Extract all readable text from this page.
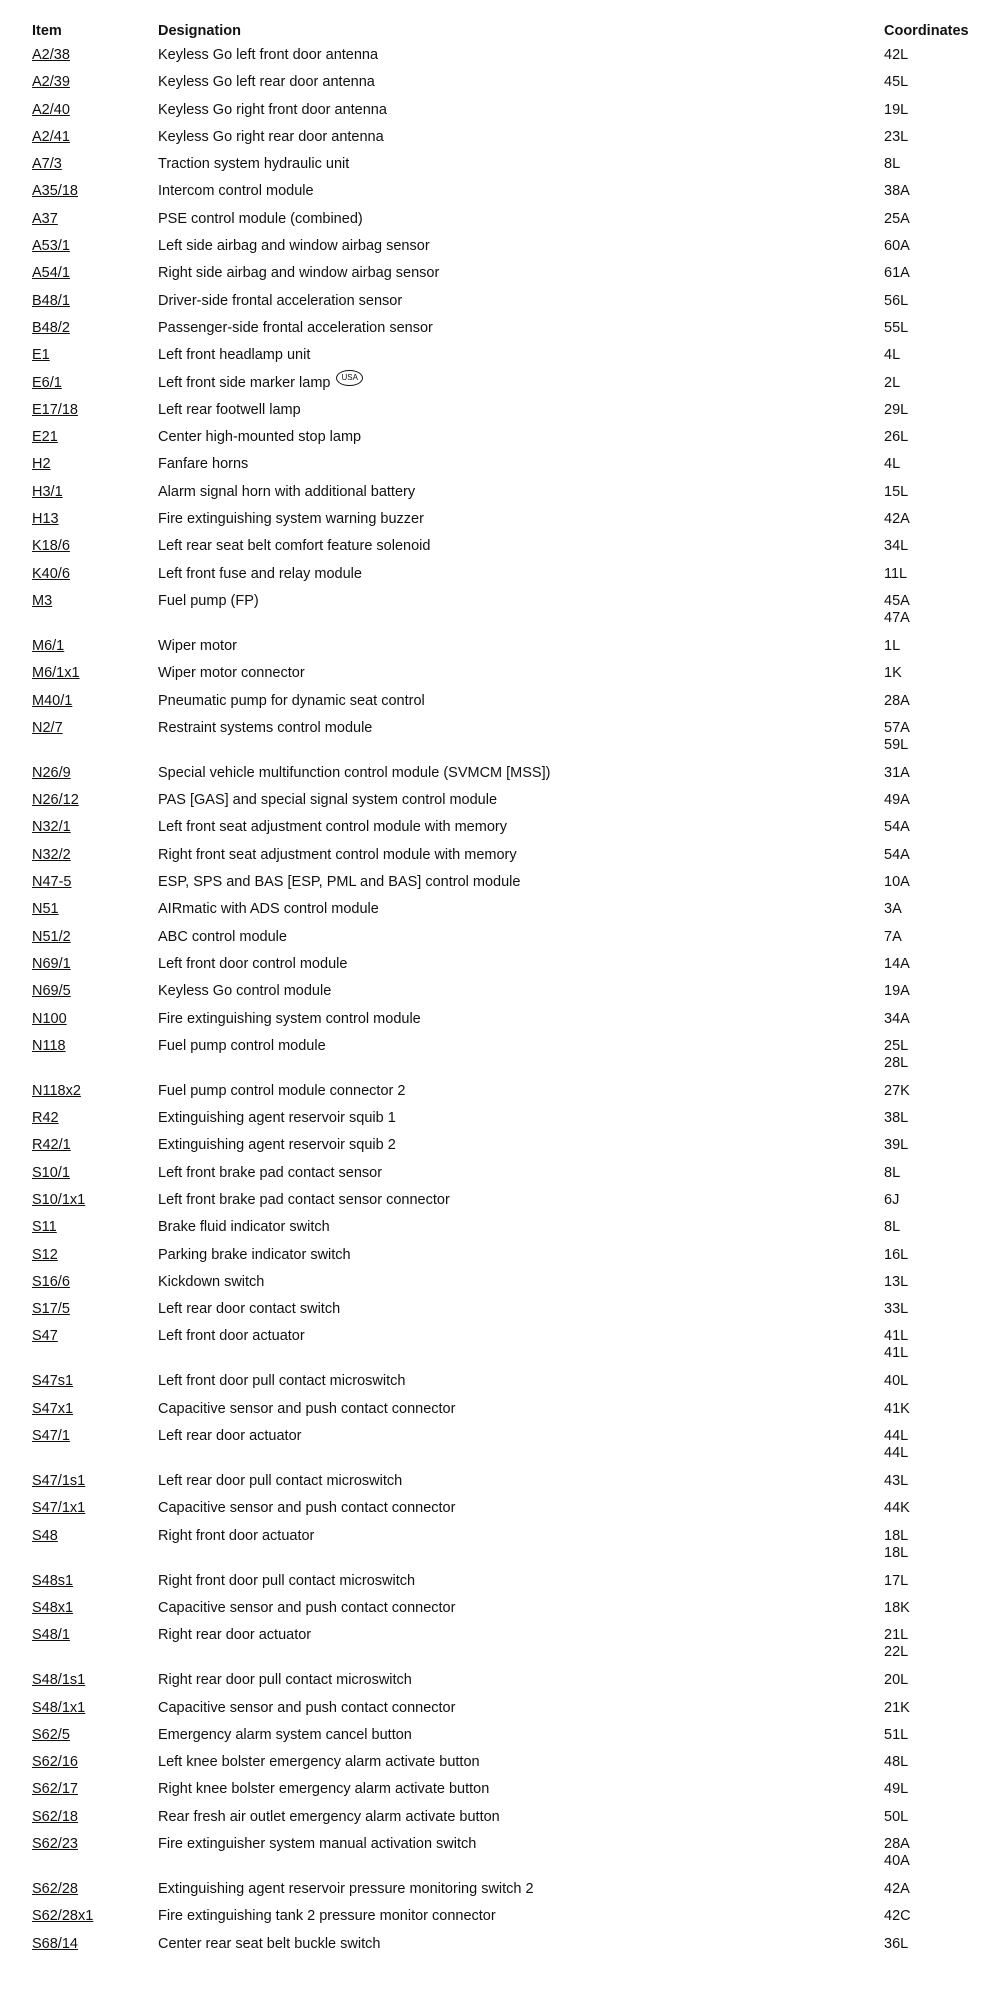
Item	Designation	Coordinates
A2/38	Keyless Go left front door antenna	42L
A2/39	Keyless Go left rear door antenna	45L
A2/40	Keyless Go right front door antenna	19L
A2/41	Keyless Go right rear door antenna	23L
A7/3	Traction system hydraulic unit	8L
A35/18	Intercom control module	38A
A37	PSE control module (combined)	25A
A53/1	Left side airbag and window airbag sensor	60A
A54/1	Right side airbag and window airbag sensor	61A
B48/1	Driver-side frontal acceleration sensor	56L
B48/2	Passenger-side frontal acceleration sensor	55L
E1	Left front headlamp unit	4L
E6/1	Left front side marker lamp USA	2L
E17/18	Left rear footwell lamp	29L
E21	Center high-mounted stop lamp	26L
H2	Fanfare horns	4L
H3/1	Alarm signal horn with additional battery	15L
H13	Fire extinguishing system warning buzzer	42A
K18/6	Left rear seat belt comfort feature solenoid	34L
K40/6	Left front fuse and relay module	11L
M3	Fuel pump (FP)	45A
47A
M6/1	Wiper motor	1L
M6/1x1	Wiper motor connector	1K
M40/1	Pneumatic pump for dynamic seat control	28A
N2/7	Restraint systems control module	57A
59L
N26/9	Special vehicle multifunction control module (SVMCM [MSS])	31A
N26/12	PAS [GAS] and special signal system control module	49A
N32/1	Left front seat adjustment control module with memory	54A
N32/2	Right front seat adjustment control module with memory	54A
N47-5	ESP, SPS and BAS [ESP, PML and BAS] control module	10A
N51	AIRmatic with ADS control module	3A
N51/2	ABC control module	7A
N69/1	Left front door control module	14A
N69/5	Keyless Go control module	19A
N100	Fire extinguishing system control module	34A
N118	Fuel pump control module	25L
28L
N118x2	Fuel pump control module connector 2	27K
R42	Extinguishing agent reservoir squib 1	38L
R42/1	Extinguishing agent reservoir squib 2	39L
S10/1	Left front brake pad contact sensor	8L
S10/1x1	Left front brake pad contact sensor connector	6J
S11	Brake fluid indicator switch	8L
S12	Parking brake indicator switch	16L
S16/6	Kickdown switch	13L
S17/5	Left rear door contact switch	33L
S47	Left front door actuator	41L
41L
S47s1	Left front door pull contact microswitch	40L
S47x1	Capacitive sensor and push contact connector	41K
S47/1	Left rear door actuator	44L
44L
S47/1s1	Left rear door pull contact microswitch	43L
S47/1x1	Capacitive sensor and push contact connector	44K
S48	Right front door actuator	18L
18L
S48s1	Right front door pull contact microswitch	17L
S48x1	Capacitive sensor and push contact connector	18K
S48/1	Right rear door actuator	21L
22L
S48/1s1	Right rear door pull contact microswitch	20L
S48/1x1	Capacitive sensor and push contact connector	21K
S62/5	Emergency alarm system cancel button	51L
S62/16	Left knee bolster emergency alarm activate button	48L
S62/17	Right knee bolster emergency alarm activate button	49L
S62/18	Rear fresh air outlet emergency alarm activate button	50L
S62/23	Fire extinguisher system manual activation switch	28A
40A
S62/28	Extinguishing agent reservoir pressure monitoring switch 2	42A
S62/28x1	Fire extinguishing tank 2 pressure monitor connector	42C
S68/14	Center rear seat belt buckle switch	36L
